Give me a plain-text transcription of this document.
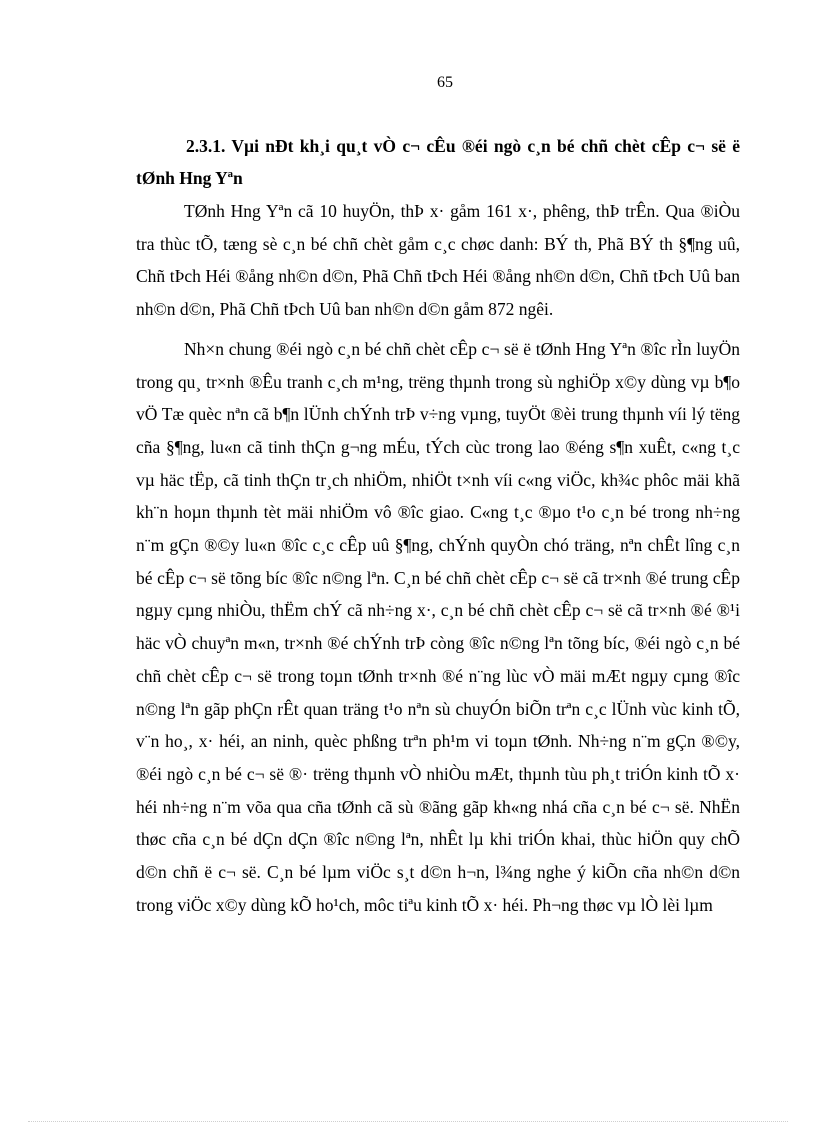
65

2.3.1. Vµi nÐt kh¸i qu¸t vÒ c¬ cÊu ®éi ngò c¸n bé chñ chèt cÊp c¬ së ë tØnh Hng Yªn

TØnh Hng Yªn cã 10 huyÖn, thÞ x· gåm 161 x·, phêng, thÞ trÊn. Qua ®iÒu tra thùc tÕ, tæng sè c¸n bé chñ chèt gåm c¸c chøc danh: BÝ th, Phã BÝ th §¶ng uû, Chñ tÞch Héi ®ång nh©n d©n, Phã Chñ tÞch Héi ®ång nh©n d©n, Chñ tÞch Uû ban nh©n d©n, Phã Chñ tÞch Uû ban nh©n d©n gåm 872 ngêi.

Nh×n chung ®éi ngò c¸n bé chñ chèt cÊp c¬ së ë tØnh Hng Yªn ®îc rÌn luyÖn trong qu¸ tr×nh ®Êu tranh c¸ch m¹ng, trëng thµnh trong sù nghiÖp x©y dùng vµ b¶o vÖ Tæ quèc nªn cã b¶n lÜnh chÝnh trÞ v÷ng vµng, tuyÖt ®èi trung thµnh víi lý tëng cña §¶ng, lu«n cã tinh thÇn g¬ng mÉu, tÝch cùc trong lao ®éng s¶n xuÊt, c«ng t¸c vµ häc tËp, cã tinh thÇn tr¸ch nhiÖm, nhiÖt t×nh víi c«ng viÖc, kh¾c phôc mäi khã kh¨n hoµn thµnh tèt mäi nhiÖm vô ®îc giao. C«ng t¸c ®µo t¹o c¸n bé trong nh÷ng n¨m gÇn ®©y lu«n ®îc c¸c cÊp uû §¶ng, chÝnh quyÒn chó träng, nªn chÊt lîng c¸n bé cÊp c¬ së tõng bíc ®îc n©ng lªn. C¸n bé chñ chèt cÊp c¬ së cã tr×nh ®é trung cÊp ngµy cµng nhiÒu, thËm chÝ cã nh÷ng x·, c¸n bé chñ chèt cÊp c¬ së cã tr×nh ®é ®¹i häc vÒ chuyªn m«n, tr×nh ®é chÝnh trÞ còng ®îc n©ng lªn tõng bíc, ®éi ngò c¸n bé chñ chèt cÊp c¬ së trong toµn tØnh tr×nh ®é n¨ng lùc vÒ mäi mÆt ngµy cµng ®îc n©ng lªn gãp phÇn rÊt quan träng t¹o nªn sù chuyÓn biÕn trªn c¸c lÜnh vùc kinh tÕ, v¨n ho¸, x· héi, an ninh, quèc phßng trªn ph¹m vi toµn tØnh. Nh÷ng n¨m gÇn ®©y, ®éi ngò c¸n bé c¬ së ®· trëng thµnh vÒ nhiÒu mÆt, thµnh tùu ph¸t triÓn kinh tÕ x· héi nh÷ng n¨m võa qua cña tØnh cã sù ®ãng gãp kh«ng nhá cña c¸n bé c¬ së. NhËn thøc cña c¸n bé dÇn dÇn ®îc n©ng lªn, nhÊt lµ khi triÓn khai, thùc hiÖn quy chÕ d©n chñ ë c¬ së. C¸n bé lµm viÖc s¸t d©n h¬n, l¾ng nghe ý kiÕn cña nh©n d©n trong viÖc x©y dùng kÕ ho¹ch, môc tiªu kinh tÕ x· héi. Ph¬ng thøc vµ lÒ lèi lµm
